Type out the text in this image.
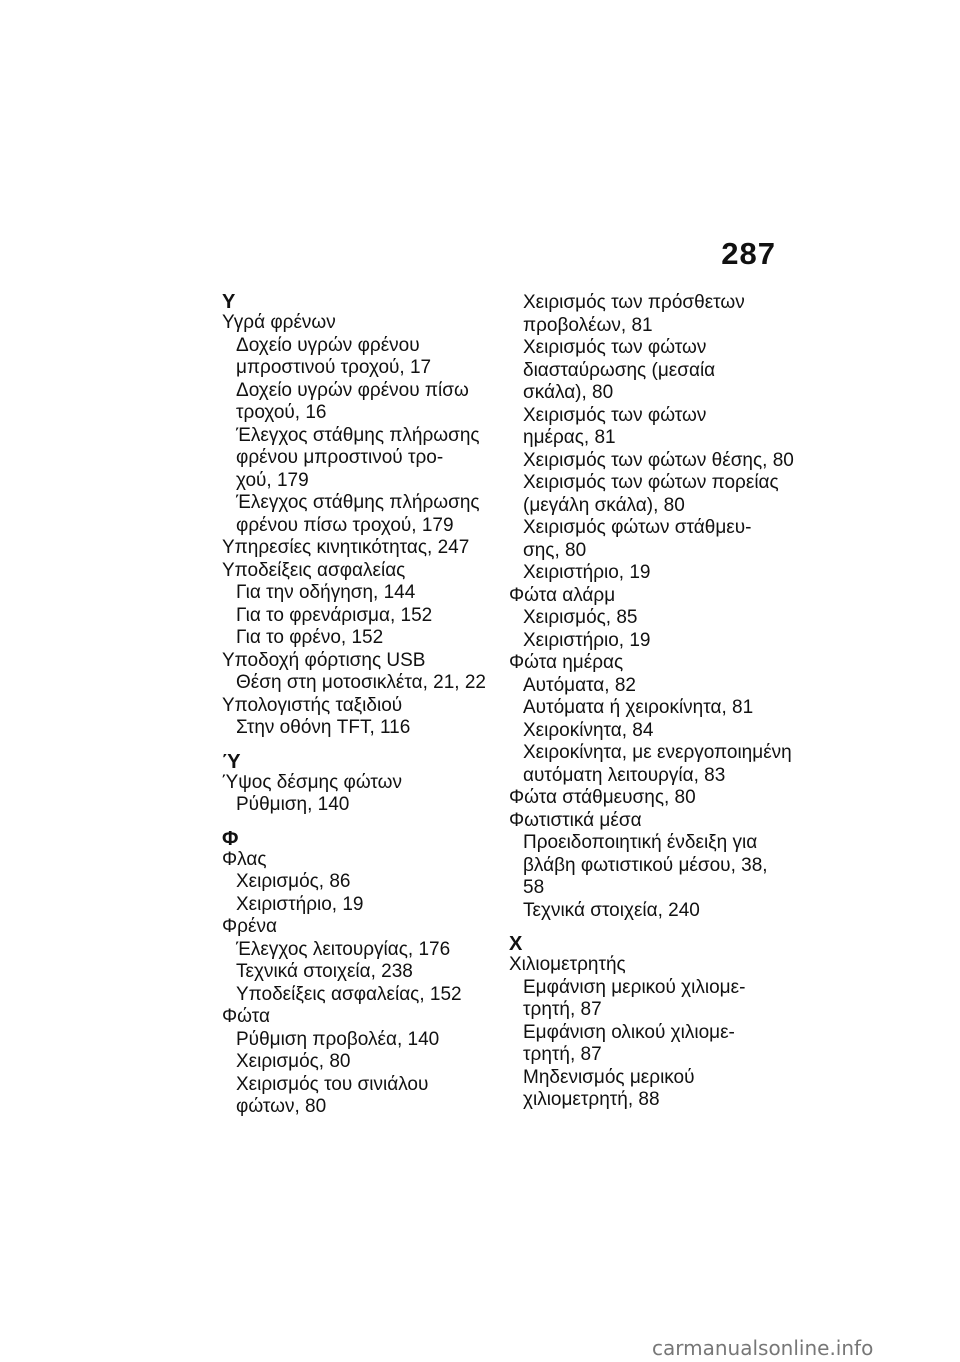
287
Y
Υγρά φρένων
Δοχείο υγρών φρένου
μπροστινού τροχού, 17
Δοχείο υγρών φρένου πίσω
τροχού, 16
Έλεγχος στάθμης πλήρωσης
φρένου μπροστινού τρο-
χού, 179
Έλεγχος στάθμης πλήρωσης
φρένου πίσω τροχού, 179
Υπηρεσίες κινητικότητας, 247
Υποδείξεις ασφαλείας
Για την οδήγηση, 144
Για το φρενάρισμα, 152
Για το φρένο, 152
Υποδοχή φόρτισης USB
Θέση στη μοτοσικλέτα, 21, 22
Υπολογιστής ταξιδιού
Στην οθόνη TFT, 116
Ύ
Ύψος δέσμης φώτων
Ρύθμιση, 140
Φ
Φλας
Χειρισμός, 86
Χειριστήριο, 19
Φρένα
Έλεγχος λειτουργίας, 176
Τεχνικά στοιχεία, 238
Υποδείξεις ασφαλείας, 152
Φώτα
Ρύθμιση προβολέα, 140
Χειρισμός, 80
Χειρισμός του σινιάλου
φώτων, 80
Χειρισμός των πρόσθετων
προβολέων, 81
Χειρισμός των φώτων
διασταύρωσης (μεσαία
σκάλα), 80
Χειρισμός των φώτων
ημέρας, 81
Χειρισμός των φώτων θέσης, 80
Χειρισμός των φώτων πορείας
(μεγάλη σκάλα), 80
Χειρισμός φώτων στάθμευ-
σης, 80
Χειριστήριο, 19
Φώτα αλάρμ
Χειρισμός, 85
Χειριστήριο, 19
Φώτα ημέρας
Αυτόματα, 82
Αυτόματα ή χειροκίνητα, 81
Χειροκίνητα, 84
Χειροκίνητα, με ενεργοποιημένη
αυτόματη λειτουργία, 83
Φώτα στάθμευσης, 80
Φωτιστικά μέσα
Προειδοποιητική ένδειξη για
βλάβη φωτιστικού μέσου, 38,
58
Τεχνικά στοιχεία, 240
Χ
Χιλιομετρητής
Εμφάνιση μερικού χιλιομε-
τρητή, 87
Εμφάνιση ολικού χιλιομε-
τρητή, 87
Μηδενισμός μερικού
χιλιομετρητή, 88
carmanualsonline.info
